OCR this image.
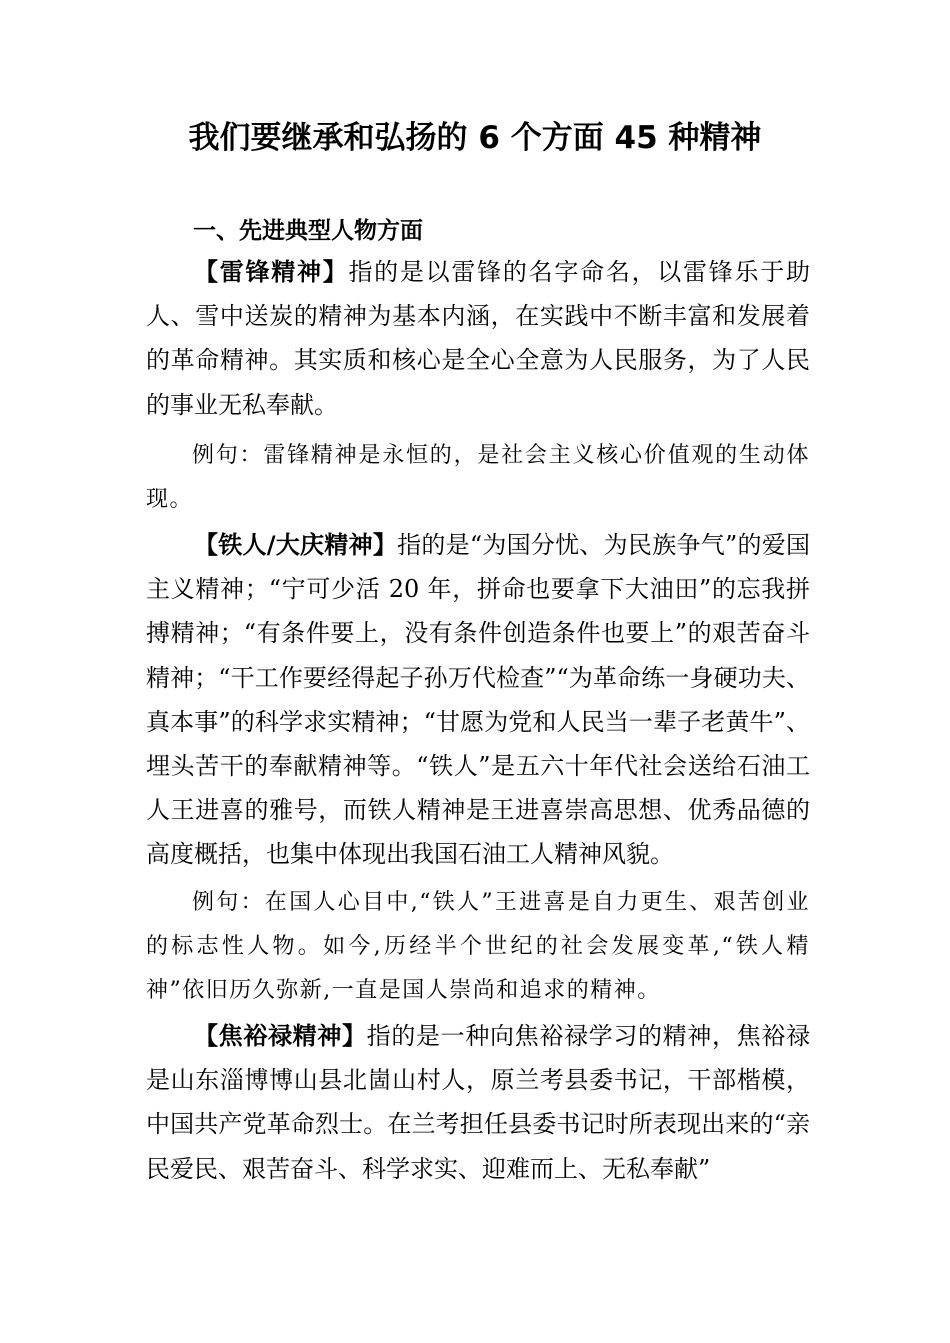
我们要继承和弘扬的 6 个方面 45 种精神
一、先进典型人物方面

【雷锋精神】指的是以雷锋的名字命名，以雷锋乐于助人、雪中送炭的精神为基本内涵，在实践中不断丰富和发展着的革命精神。其实质和核心是全心全意为人民服务，为了人民的事业无私奉献。

例句：雷锋精神是永恒的，是社会主义核心价值观的生动体现。

【铁人/大庆精神】指的是“为国分忧、为民族争气”的爱国主义精神；“宁可少活 20 年，拼命也要拿下大油田”的忘我拼搏精神；“有条件要上，没有条件创造条件也要上”的艰苦奋斗精神；“干工作要经得起子孙万代检查”“为革命练一身硬功夫、真本事”的科学求实精神；“甘愿为党和人民当一辈子老黄牛”、埋头苦干的奉献精神等。“铁人”是五六十年代社会送给石油工人王进喜的雅号，而铁人精神是王进喜崇高思想、优秀品德的高度概括，也集中体现出我国石油工人精神风貌。

例句：在国人心目中,“铁人”王进喜是自力更生、艰苦创业的标志性人物。如今,历经半个世纪的社会发展变革,“铁人精神”依旧历久弥新,一直是国人崇尚和追求的精神。

【焦裕禄精神】指的是一种向焦裕禄学习的精神，焦裕禄是山东淄博博山县北崮山村人，原兰考县委书记，干部楷模，中国共产党革命烈士。在兰考担任县委书记时所表现出来的“亲民爱民、艰苦奋斗、科学求实、迎难而上、无私奉献”
